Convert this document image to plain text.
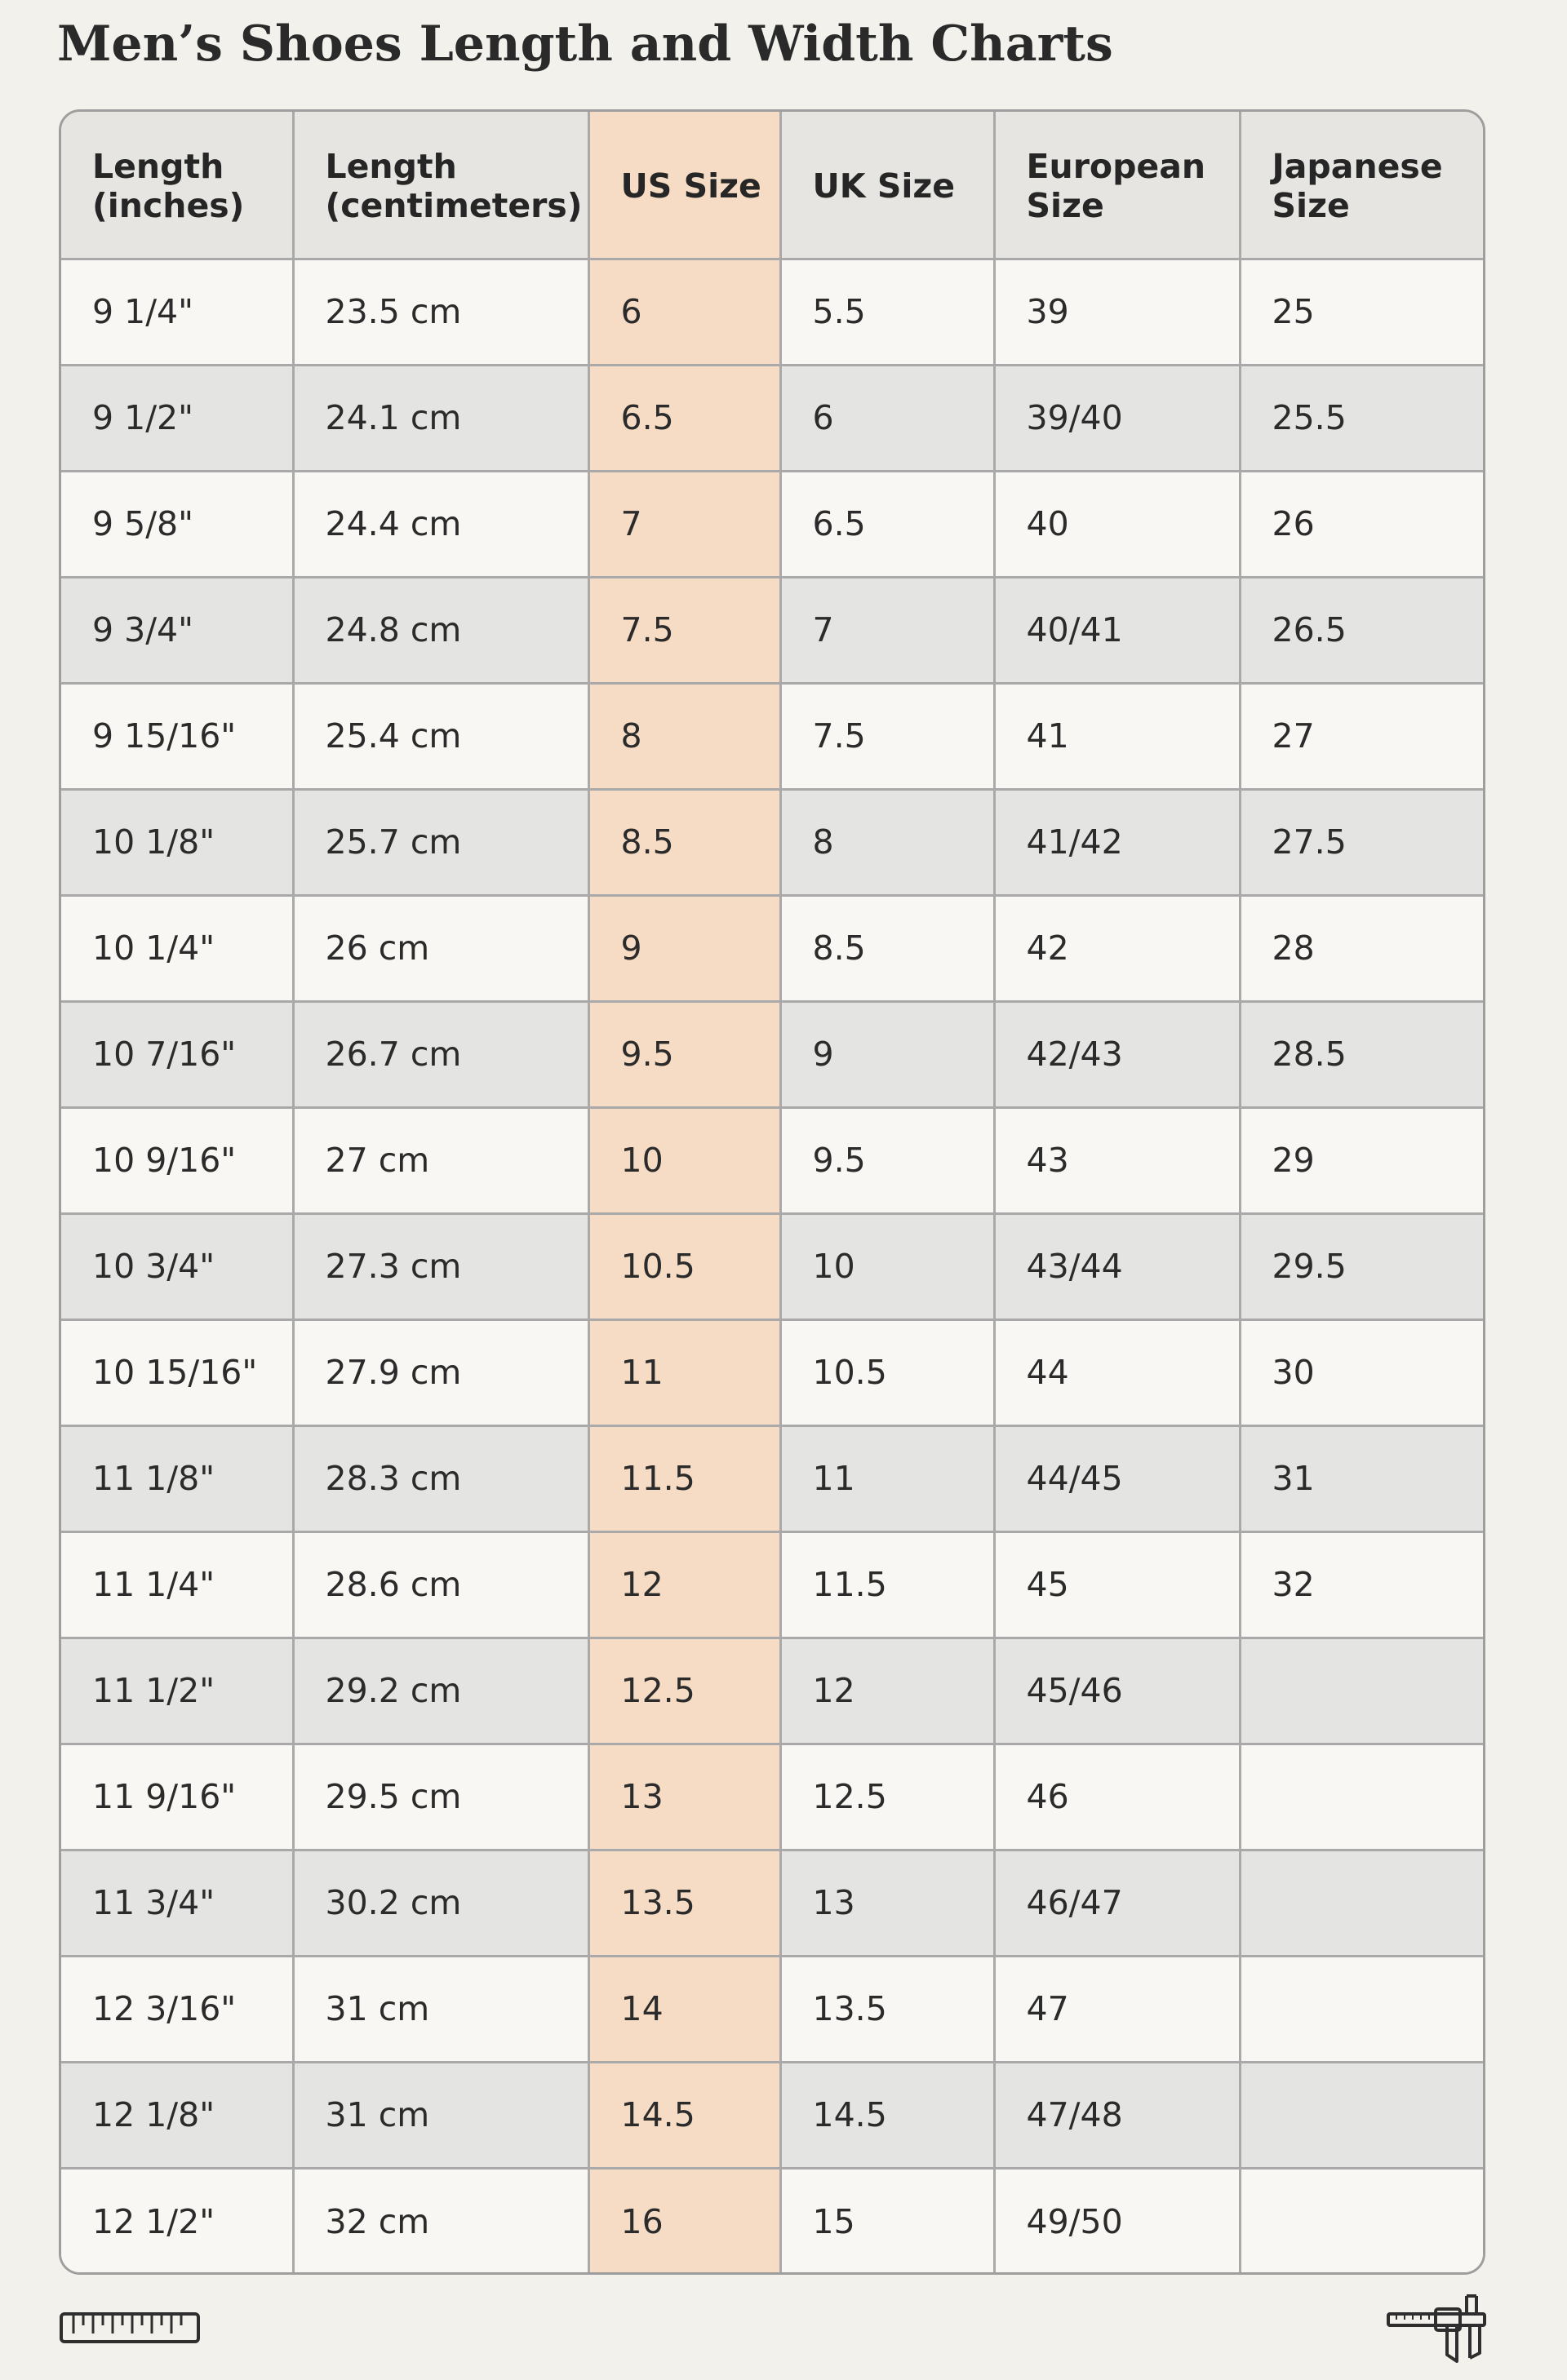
Men’s Shoes Length and Width Charts
Length (inches)	Length (centimeters)	US Size	UK Size	European Size	Japanese Size
9 1/4"	23.5 cm	6	5.5	39	25
9 1/2"	24.1 cm	6.5	6	39/40	25.5
9 5/8"	24.4 cm	7	6.5	40	26
9 3/4"	24.8 cm	7.5	7	40/41	26.5
9 15/16"	25.4 cm	8	7.5	41	27
10 1/8"	25.7 cm	8.5	8	41/42	27.5
10 1/4"	26 cm	9	8.5	42	28
10 7/16"	26.7 cm	9.5	9	42/43	28.5
10 9/16"	27 cm	10	9.5	43	29
10 3/4"	27.3 cm	10.5	10	43/44	29.5
10 15/16"	27.9 cm	11	10.5	44	30
11 1/8"	28.3 cm	11.5	11	44/45	31
11 1/4"	28.6 cm	12	11.5	45	32
11 1/2"	29.2 cm	12.5	12	45/46	
11 9/16"	29.5 cm	13	12.5	46	
11 3/4"	30.2 cm	13.5	13	46/47	
12 3/16"	31 cm	14	13.5	47	
12 1/8"	31 cm	14.5	14.5	47/48	
12 1/2"	32 cm	16	15	49/50	
